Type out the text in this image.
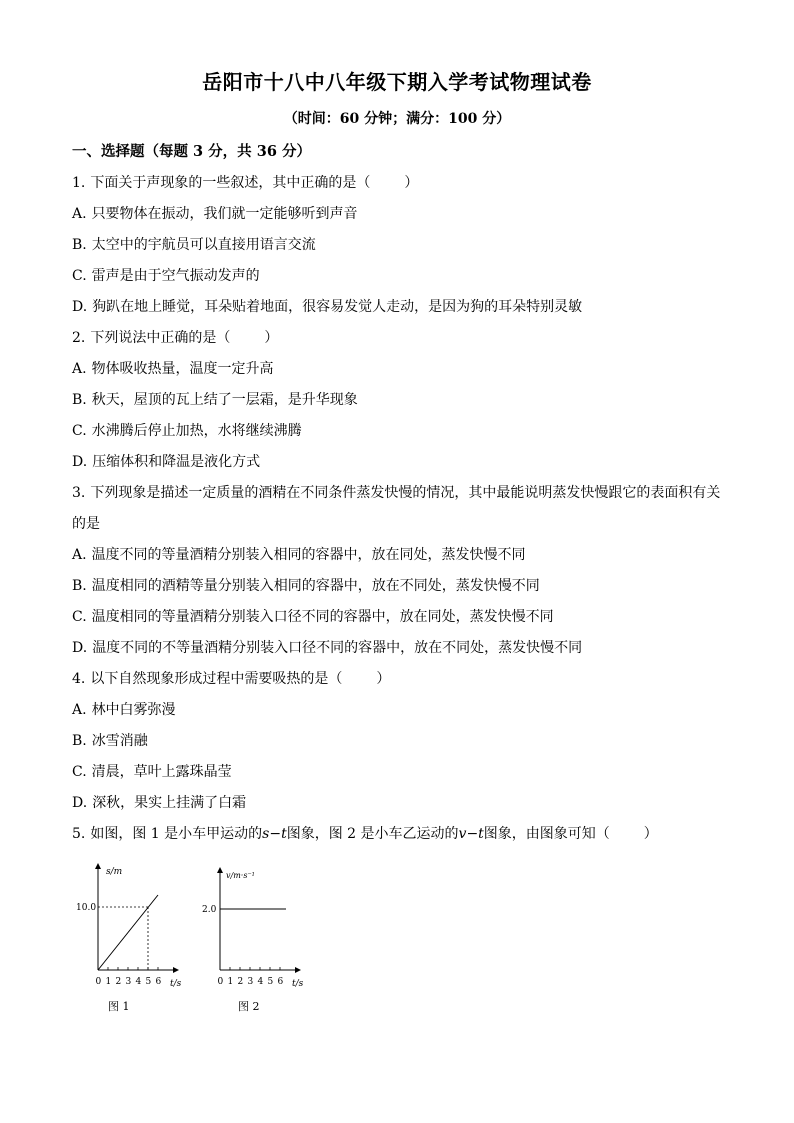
岳阳市十八中八年级下期入学考试物理试卷
（时间：60 分钟；满分：100 分）
一、选择题（每题 3 分，共 36 分）
1. 下面关于声现象的一些叙述，其中正确的是（ ）
A. 只要物体在振动，我们就一定能够听到声音
B. 太空中的宇航员可以直接用语言交流
C. 雷声是由于空气振动发声的
D. 狗趴在地上睡觉，耳朵贴着地面，很容易发觉人走动，是因为狗的耳朵特别灵敏
2. 下列说法中正确的是（ ）
A. 物体吸收热量，温度一定升高
B. 秋天，屋顶的瓦上结了一层霜，是升华现象
C. 水沸腾后停止加热，水将继续沸腾
D. 压缩体积和降温是液化方式
3. 下列现象是描述一定质量的酒精在不同条件蒸发快慢的情况，其中最能说明蒸发快慢跟它的表面积有关
的是
A. 温度不同的等量酒精分别装入相同的容器中，放在同处，蒸发快慢不同
B. 温度相同的酒精等量分别装入相同的容器中，放在不同处，蒸发快慢不同
C. 温度相同的等量酒精分别装入口径不同的容器中，放在同处，蒸发快慢不同
D. 温度不同的不等量酒精分别装入口径不同的容器中，放在不同处，蒸发快慢不同
4. 以下自然现象形成过程中需要吸热的是（ ）
A. 林中白雾弥漫
B. 冰雪消融
C. 清晨，草叶上露珠晶莹
D. 深秋，果实上挂满了白霜
5. 如图，图 1 是小车甲运动的s−t图象，图 2 是小车乙运动的v−t图象，由图象可知（ ）
s/m
t/s
10.0
0 1 2 3 4 5 6
图 1
v/m·s⁻¹
t/s
2.0
0 1 2 3 4 5 6
图 2
